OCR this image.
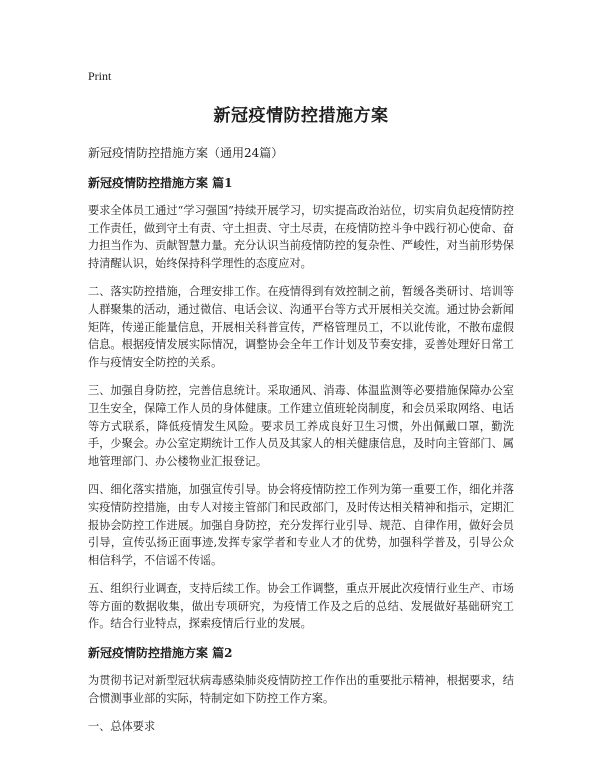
Print
新冠疫情防控措施方案
新冠疫情防控措施方案（通用24篇）
新冠疫情防控措施方案 篇1

要求全体员工通过“学习强国”持续开展学习，切实提高政治站位，切实肩负起疫情防控工作责任，做到守土有责、守土担责、守土尽责，在疫情防控斗争中践行初心使命、奋力担当作为、贡献智慧力量。充分认识当前疫情防控的复杂性、严峻性，对当前形势保持清醒认识，始终保持科学理性的态度应对。

二、落实防控措施，合理安排工作。在疫情得到有效控制之前，暂缓各类研讨、培训等人群聚集的活动，通过微信、电话会议、沟通平台等方式开展相关交流。通过协会新闻矩阵，传递正能量信息，开展相关科普宣传，严格管理员工，不以讹传讹，不散布虚假信息。根据疫情发展实际情况，调整协会全年工作计划及节奏安排，妥善处理好日常工作与疫情安全防控的关系。

三、加强自身防控，完善信息统计。采取通风、消毒、体温监测等必要措施保障办公室卫生安全，保障工作人员的身体健康。工作建立值班轮岗制度，和会员采取网络、电话等方式联系，降低疫情发生风险。要求员工养成良好卫生习惯，外出佩戴口罩，勤洗手，少聚会。办公室定期统计工作人员及其家人的相关健康信息，及时向主管部门、属地管理部门、办公楼物业汇报登记。

四、细化落实措施，加强宣传引导。协会将疫情防控工作列为第一重要工作，细化并落实疫情防控措施，由专人对接主管部门和民政部门，及时传达相关精神和指示，定期汇报协会防控工作进展。加强自身防控，充分发挥行业引导、规范、自律作用，做好会员引导，宣传弘扬正面事迹,发挥专家学者和专业人才的优势，加强科学普及，引导公众相信科学，不信谣不传谣。

五、组织行业调查，支持后续工作。协会工作调整，重点开展此次疫情行业生产、市场等方面的数据收集，做出专项研究，为疫情工作及之后的总结、发展做好基础研究工作。结合行业特点，探索疫情后行业的发展。

新冠疫情防控措施方案 篇2

为贯彻书记对新型冠状病毒感染肺炎疫情防控工作作出的重要批示精神，根据要求，结合惯测事业部的实际，特制定如下防控工作方案。

一、总体要求
